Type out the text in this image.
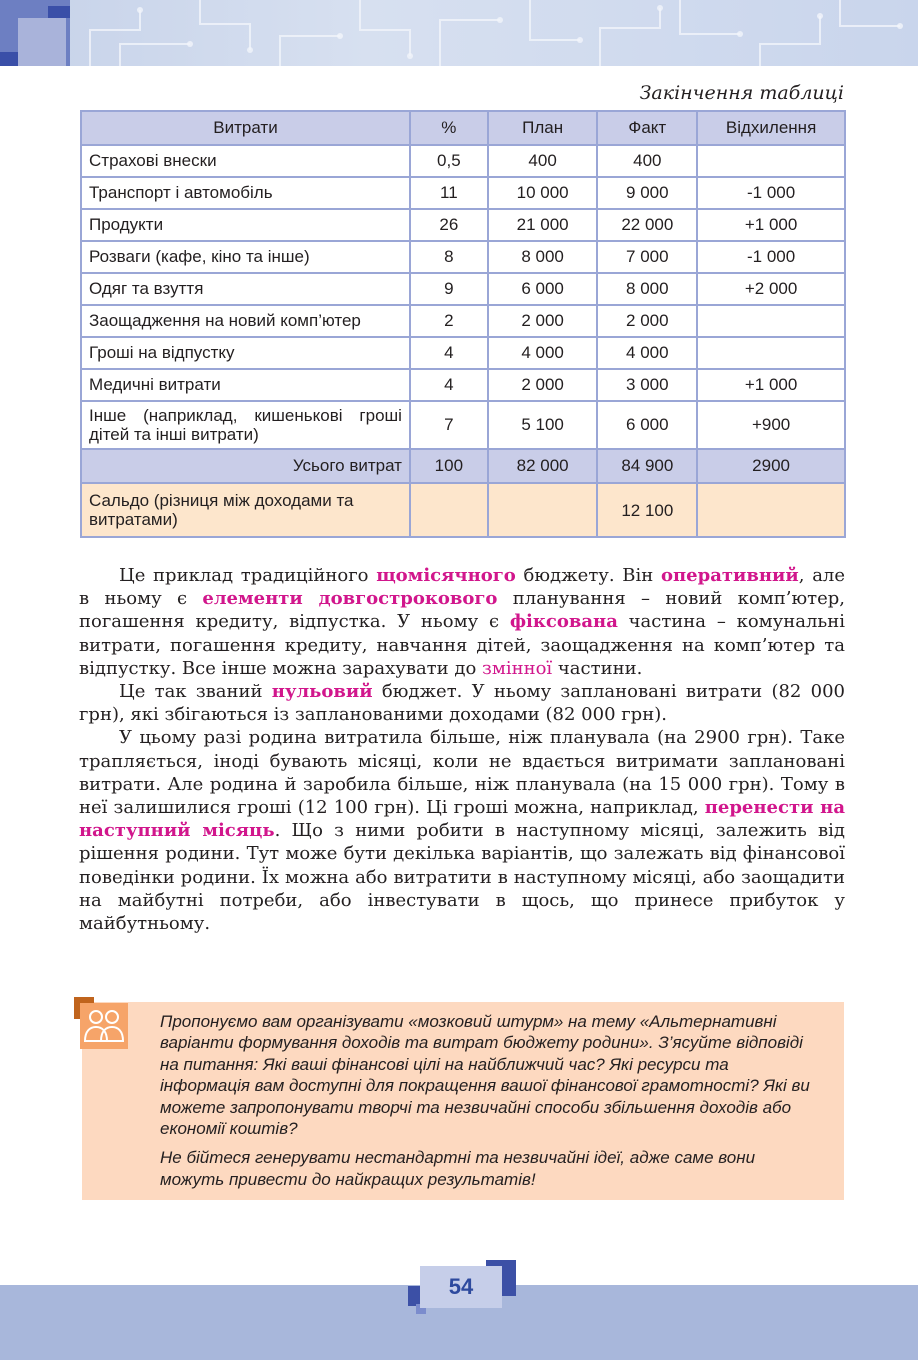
Закінчення таблиці
Витрати	%	План	Факт	Відхилення
Страхові внески	0,5	400	400	
Транспорт і автомобіль	11	10 000	9 000	-1 000
Продукти	26	21 000	22 000	+1 000
Розваги (кафе, кіно та інше)	8	8 000	7 000	-1 000
Одяг та взуття	9	6 000	8 000	+2 000
Заощадження на новий комп’ютер	2	2 000	2 000	
Гроші на відпустку	4	4 000	4 000	
Медичні витрати	4	2 000	3 000	+1 000
Інше (наприклад, кишенькові гроші дітей та інші витрати)	7	5 100	6 000	+900
Усього витрат	100	82 000	84 900	2900
Сальдо (різниця між доходами та витратами)			12 100	

Це приклад традиційного щомісячного бюджету. Він оперативний, але в ньому є елементи довгострокового планування – новий комп’ютер, погашення кредиту, відпустка. У ньому є фіксована частина – комунальні витрати, погашення кредиту, навчання дітей, заощадження на комп’ютер та відпустку. Все інше можна зарахувати до змінної частини.

Це так званий нульовий бюджет. У ньому заплановані витрати (82 000 грн), які збігаються із запланованими доходами (82 000 грн).

У цьому разі родина витратила більше, ніж планувала (на 2900 грн). Таке трапляється, іноді бувають місяці, коли не вдається витримати заплановані витрати. Але родина й заробила більше, ніж планувала (на 15 000 грн). Тому в неї залишилися гроші (12 100 грн). Ці гроші можна, наприклад, перенести на наступний місяць. Що з ними робити в наступному місяці, залежить від рішення родини. Тут може бути декілька варіантів, що залежать від фінансової поведінки родини. Їх можна або витратити в наступному місяці, або заощадити на майбутні потреби, або інвестувати в щось, що принесе прибуток у майбутньому.

Пропонуємо вам організувати «мозковий штурм» на тему «Альтернативні варіанти формування доходів та витрат бюджету родини». З’ясуйте відповіді на питання: Які ваші фінансові цілі на найближчий час? Які ресурси та інформація вам доступні для покращення вашої фінансової грамотності? Які ви можете запропонувати творчі та незвичайні способи збільшення доходів або економії коштів?

Не бійтеся генерувати нестандартні та незвичайні ідеї, адже саме вони можуть привести до найкращих результатів!

54
